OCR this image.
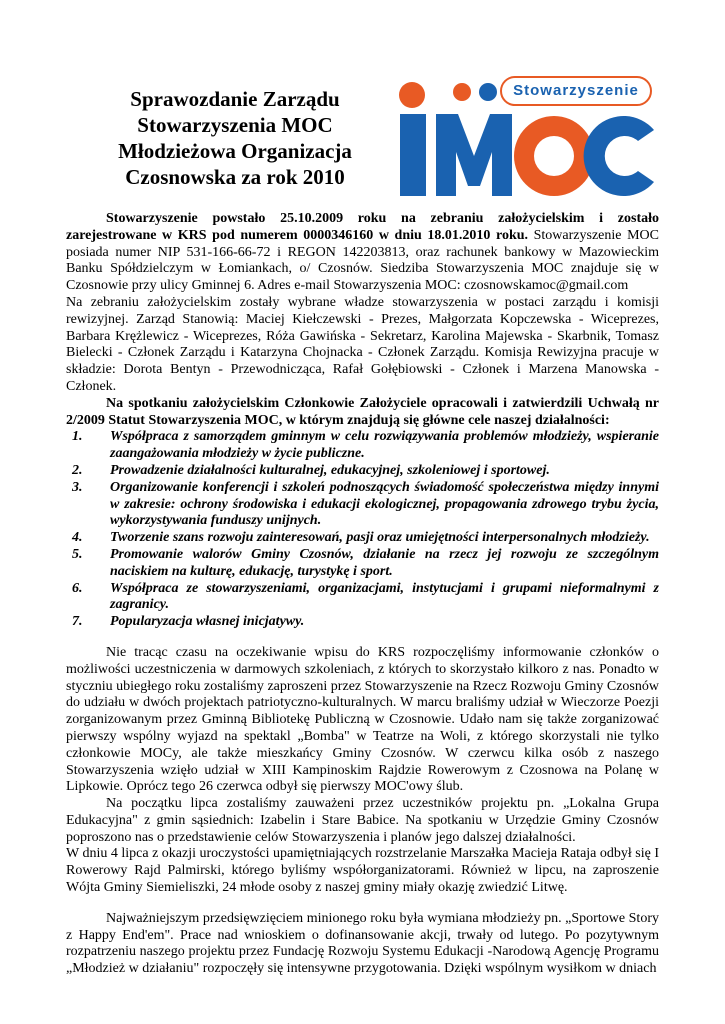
Sprawozdanie Zarządu
Stowarzyszenia MOC
Młodzieżowa Organizacja
Czosnowska za rok 2010
Stowarzyszenie

Stowarzyszenie powstało 25.10.2009 roku na zebraniu założycielskim i zostało zarejestrowane w KRS pod numerem 0000346160 w dniu 18.01.2010 roku. Stowarzyszenie MOC posiada numer NIP 531-166-66-72 i REGON 142203813, oraz rachunek bankowy w Mazowieckim Banku Spółdzielczym w Łomiankach, o/ Czosnów. Siedziba Stowarzyszenia MOC znajduje się w Czosnowie przy ulicy Gminnej 6. Adres e-mail Stowarzyszenia MOC: czosnowskamoc@gmail.com

Na zebraniu założycielskim zostały wybrane władze stowarzyszenia w postaci zarządu i komisji rewizyjnej. Zarząd Stanowią: Maciej Kiełczewski - Prezes, Małgorzata Kopczewska - Wiceprezes, Barbara Krężlewicz - Wiceprezes, Róża Gawińska - Sekretarz, Karolina Majewska - Skarbnik, Tomasz Bielecki - Członek Zarządu i Katarzyna Chojnacka - Członek Zarządu. Komisja Rewizyjna pracuje w składzie: Dorota Bentyn - Przewodnicząca, Rafał Gołębiowski - Członek i Marzena Manowska - Członek.

Na spotkaniu założycielskim Członkowie Założyciele opracowali i zatwierdzili Uchwałą nr 2/2009 Statut Stowarzyszenia MOC, w którym znajdują się główne cele naszej działalności:

1. Współpraca z samorządem gminnym w celu rozwiązywania problemów młodzieży, wspieranie zaangażowania młodzieży w życie publiczne.
2. Prowadzenie działalności kulturalnej, edukacyjnej, szkoleniowej i sportowej.
3. Organizowanie konferencji i szkoleń podnoszących świadomość społeczeństwa między innymi w zakresie: ochrony środowiska i edukacji ekologicznej, propagowania zdrowego trybu życia, wykorzystywania funduszy unijnych.
4. Tworzenie szans rozwoju zainteresowań, pasji oraz umiejętności interpersonalnych młodzieży.
5. Promowanie walorów Gminy Czosnów, działanie na rzecz jej rozwoju ze szczególnym naciskiem na kulturę, edukację, turystykę i sport.
6. Współpraca ze stowarzyszeniami, organizacjami, instytucjami i grupami nieformalnymi z zagranicy.
7. Popularyzacja własnej inicjatywy.

Nie tracąc czasu na oczekiwanie wpisu do KRS rozpoczęliśmy informowanie członków o możliwości uczestniczenia w darmowych szkoleniach, z których to skorzystało kilkoro z nas. Ponadto w styczniu ubiegłego roku zostaliśmy zaproszeni przez Stowarzyszenie na Rzecz Rozwoju Gminy Czosnów do udziału w dwóch projektach patriotyczno-kulturalnych. W marcu braliśmy udział w Wieczorze Poezji zorganizowanym przez Gminną Bibliotekę Publiczną w Czosnowie. Udało nam się także zorganizować pierwszy wspólny wyjazd na spektakl „Bomba" w Teatrze na Woli, z którego skorzystali nie tylko członkowie MOCy, ale także mieszkańcy Gminy Czosnów. W czerwcu kilka osób z naszego Stowarzyszenia wzięło udział w XIII Kampinoskim Rajdzie Rowerowym z Czosnowa na Polanę w Lipkowie. Oprócz tego 26 czerwca odbył się pierwszy MOC'owy ślub.

Na początku lipca zostaliśmy zauważeni przez uczestników projektu pn. „Lokalna Grupa Edukacyjna" z gmin sąsiednich: Izabelin i Stare Babice. Na spotkaniu w Urzędzie Gminy Czosnów poproszono nas o przedstawienie celów Stowarzyszenia i planów jego dalszej działalności.

W dniu 4 lipca z okazji uroczystości upamiętniających rozstrzelanie Marszałka Macieja Rataja odbył się I Rowerowy Rajd Palmirski, którego byliśmy współorganizatorami. Również w lipcu, na zaproszenie Wójta Gminy Siemieliszki, 24 młode osoby z naszej gminy miały okazję zwiedzić Litwę.

Najważniejszym przedsięwzięciem minionego roku była wymiana młodzieży pn. „Sportowe Story z Happy End'em". Prace nad wnioskiem o dofinansowanie akcji, trwały od lutego. Po pozytywnym rozpatrzeniu naszego projektu przez Fundację Rozwoju Systemu Edukacji -Narodową Agencję Programu „Młodzież w działaniu" rozpoczęły się intensywne przygotowania. Dzięki wspólnym wysiłkom w dniach
